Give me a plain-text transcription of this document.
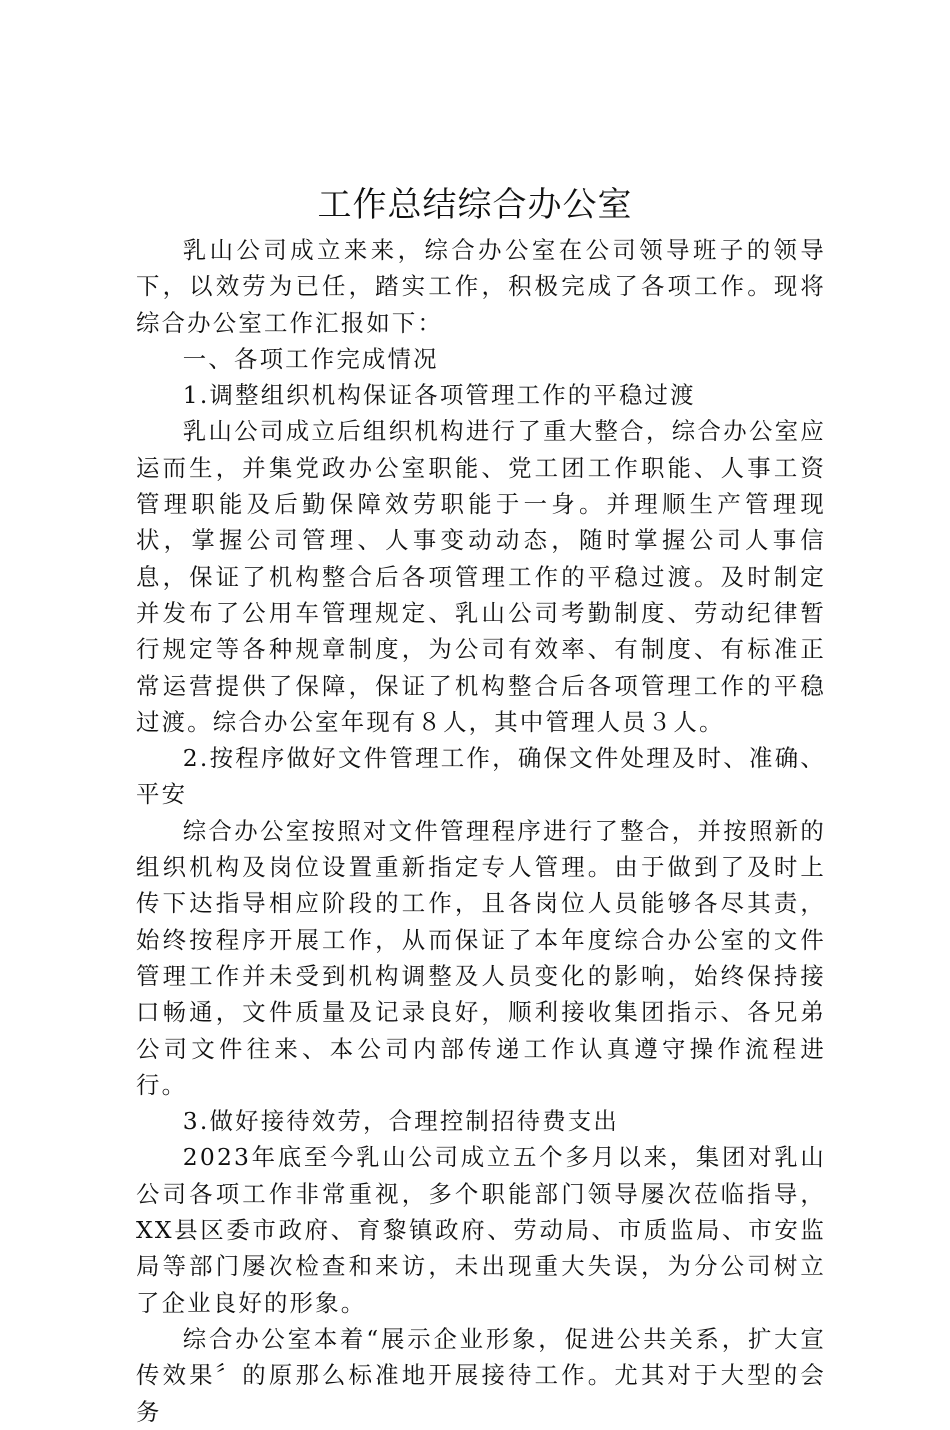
工作总结综合办公室

乳山公司成立来来，综合办公室在公司领导班子的领导下，以效劳为已任，踏实工作，积极完成了各项工作。现将综合办公室工作汇报如下：

一、各项工作完成情况

1.调整组织机构保证各项管理工作的平稳过渡

乳山公司成立后组织机构进行了重大整合，综合办公室应运而生，并集党政办公室职能、党工团工作职能、人事工资管理职能及后勤保障效劳职能于一身。并理顺生产管理现状，掌握公司管理、人事变动动态，随时掌握公司人事信息，保证了机构整合后各项管理工作的平稳过渡。及时制定并发布了公用车管理规定、乳山公司考勤制度、劳动纪律暂行规定等各种规章制度，为公司有效率、有制度、有标准正常运营提供了保障，保证了机构整合后各项管理工作的平稳过渡。综合办公室年现有８人，其中管理人员３人。

2.按程序做好文件管理工作，确保文件处理及时、准确、平安

综合办公室按照对文件管理程序进行了整合，并按照新的组织机构及岗位设置重新指定专人管理。由于做到了及时上传下达指导相应阶段的工作，且各岗位人员能够各尽其责，始终按程序开展工作，从而保证了本年度综合办公室的文件管理工作并未受到机构调整及人员变化的影响，始终保持接口畅通，文件质量及记录良好，顺利接收集团指示、各兄弟公司文件往来、本公司内部传递工作认真遵守操作流程进行。

3.做好接待效劳，合理控制招待费支出

2023年底至今乳山公司成立五个多月以来，集团对乳山公司各项工作非常重视，多个职能部门领导屡次莅临指导，XX县区委市政府、育黎镇政府、劳动局、市质监局、市安监局等部门屡次检查和来访，未出现重大失误，为分公司树立了企业良好的形象。

综合办公室本着“展示企业形象，促进公共关系，扩大宣传效果〞的原那么标准地开展接待工作。尤其对于大型的会务
